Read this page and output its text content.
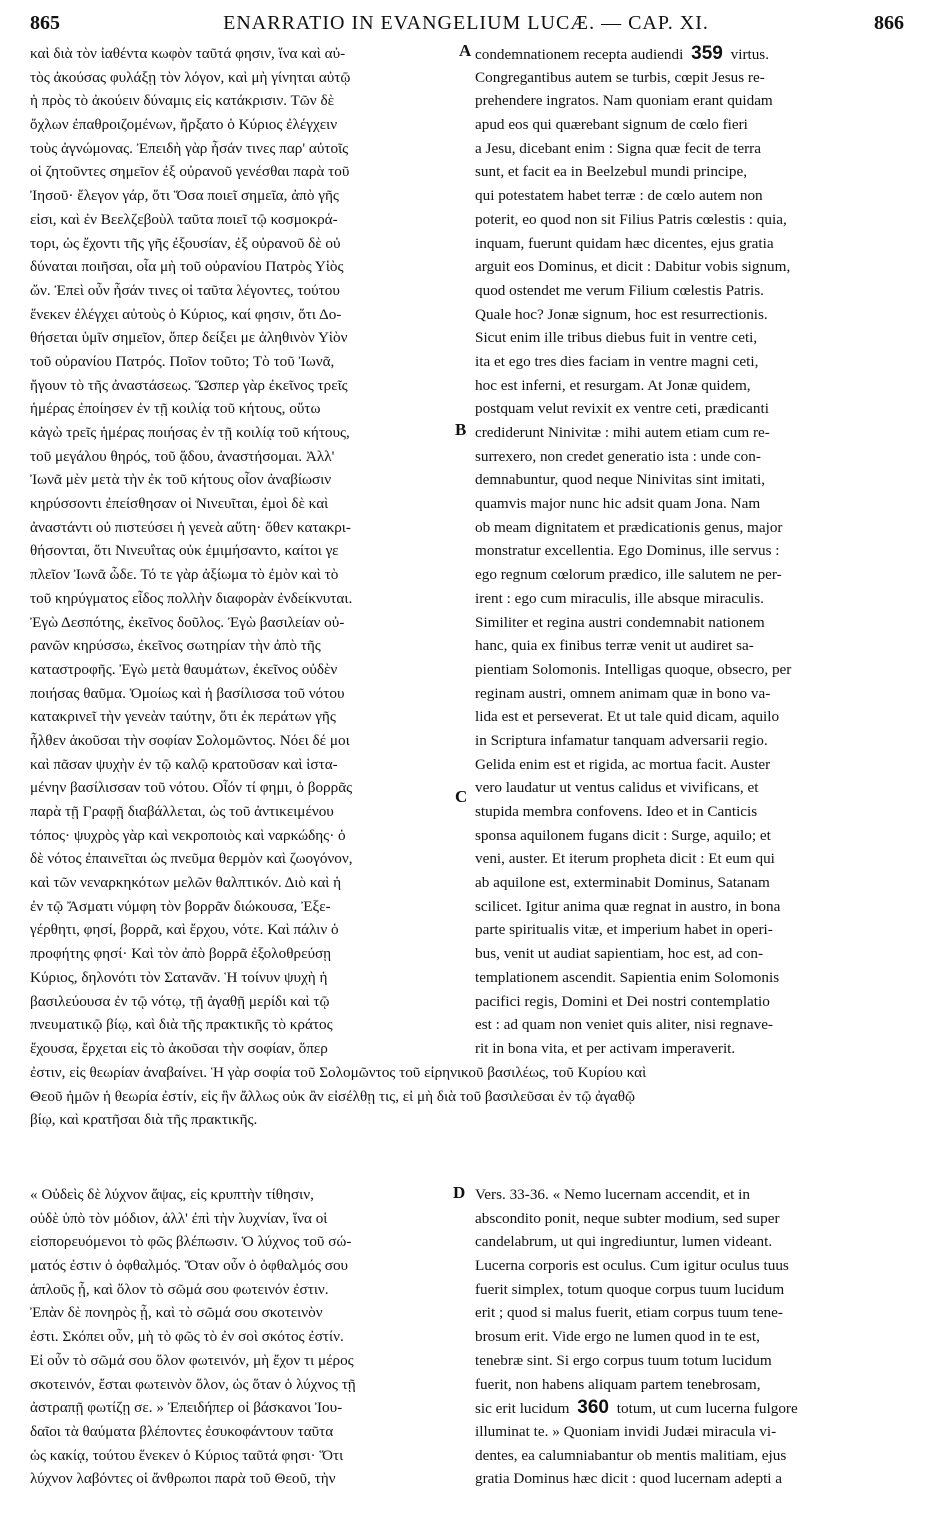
865	ENARRATIO IN EVANGELIUM LUCÆ. — CAP. XI.	866
A
B
C
D
καὶ διὰ τὸν ἰαθέντα κωφὸν ταῦτά φησιν, ἵνα καὶ αὐ-
τὸς ἀκούσας φυλάξῃ τὸν λόγον, καὶ μὴ γίνηται αὐτῷ
ἡ πρὸς τὸ ἀκούειν δύναμις εἰς κατάκρισιν. Τῶν δὲ
ὄχλων ἐπαθροιζομένων, ἤρξατο ὁ Κύριος ἐλέγχειν
τοὺς ἀγνώμονας. Ἐπειδὴ γὰρ ἦσάν τινες παρ' αὐτοῖς
οἱ ζητοῦντες σημεῖον ἐξ οὐρανοῦ γενέσθαι παρὰ τοῦ
Ἰησοῦ· ἔλεγον γάρ, ὅτι Ὅσα ποιεῖ σημεῖα, ἀπὸ γῆς
εἰσι, καὶ ἐν Βεελζεβοὺλ ταῦτα ποιεῖ τῷ κοσμοκρά-
τορι, ὡς ἔχοντι τῆς γῆς ἐξουσίαν, ἐξ οὐρανοῦ δὲ οὐ
δύναται ποιῆσαι, οἷα μὴ τοῦ οὐρανίου Πατρὸς Υἱὸς
ὤν. Ἐπεὶ οὖν ἦσάν τινες οἱ ταῦτα λέγοντες, τούτου
ἕνεκεν ἐλέγχει αὐτοὺς ὁ Κύριος, καί φησιν, ὅτι Δο-
θήσεται ὑμῖν σημεῖον, ὅπερ δείξει με ἀληθινὸν Υἱὸν
τοῦ οὐρανίου Πατρός. Ποῖον τοῦτο; Τὸ τοῦ Ἰωνᾶ,
ἤγουν τὸ τῆς ἀναστάσεως. Ὥσπερ γὰρ ἐκεῖνος τρεῖς
ἡμέρας ἐποίησεν ἐν τῇ κοιλίᾳ τοῦ κήτους, οὕτω
κἀγὼ τρεῖς ἡμέρας ποιήσας ἐν τῇ κοιλίᾳ τοῦ κήτους,
τοῦ μεγάλου θηρός, τοῦ ᾅδου, ἀναστήσομαι. Ἀλλ'
Ἰωνᾶ μὲν μετὰ τὴν ἐκ τοῦ κήτους οἷον ἀναβίωσιν
κηρύσσοντι ἐπείσθησαν οἱ Νινευῖται, ἐμοὶ δὲ καὶ
ἀναστάντι οὐ πιστεύσει ἡ γενεὰ αὕτη· ὅθεν κατακρι-
θήσονται, ὅτι Νινευΐτας οὐκ ἐμιμήσαντο, καίτοι γε
πλεῖον Ἰωνᾶ ὧδε. Τό τε γὰρ ἀξίωμα τὸ ἐμὸν καὶ τὸ
τοῦ κηρύγματος εἶδος πολλὴν διαφορὰν ἐνδείκνυται.
Ἐγὼ Δεσπότης, ἐκεῖνος δοῦλος. Ἐγὼ βασιλείαν οὐ-
ρανῶν κηρύσσω, ἐκεῖνος σωτηρίαν τὴν ἀπὸ τῆς
καταστροφῆς. Ἐγὼ μετὰ θαυμάτων, ἐκεῖνος οὐδὲν
ποιήσας θαῦμα. Ὁμοίως καὶ ἡ βασίλισσα τοῦ νότου
κατακρινεῖ τὴν γενεὰν ταύτην, ὅτι ἐκ περάτων γῆς
ἦλθεν ἀκοῦσαι τὴν σοφίαν Σολομῶντος. Νόει δέ μοι
καὶ πᾶσαν ψυχὴν ἐν τῷ καλῷ κρατοῦσαν καὶ ἱστα-
μένην βασίλισσαν τοῦ νότου. Οἷόν τί φημι, ὁ βορρᾶς
παρὰ τῇ Γραφῇ διαβάλλεται, ὡς τοῦ ἀντικειμένου
τόπος· ψυχρὸς γὰρ καὶ νεκροποιὸς καὶ ναρκώδης· ὁ
δὲ νότος ἐπαινεῖται ὡς πνεῦμα θερμὸν καὶ ζωογόνον,
καὶ τῶν νεναρκηκότων μελῶν θαλπτικόν. Διὸ καὶ ἡ
ἐν τῷ Ἄσματι νύμφη τὸν βορρᾶν διώκουσα, Ἐξε-
γέρθητι, φησί, βορρᾶ, καὶ ἔρχου, νότε. Καὶ πάλιν ὁ
προφήτης φησί· Καὶ τὸν ἀπὸ βορρᾶ ἐξολοθρεύσῃ
Κύριος, δηλονότι τὸν Σατανᾶν. Ἡ τοίνυν ψυχὴ ἡ
βασιλεύουσα ἐν τῷ νότῳ, τῇ ἀγαθῇ μερίδι καὶ τῷ
πνευματικῷ βίῳ, καὶ διὰ τῆς πρακτικῆς τὸ κράτος
ἔχουσα, ἔρχεται εἰς τὸ ἀκοῦσαι τὴν σοφίαν, ὅπερ
condemnationem recepta audiendi 359 virtus.
Congregantibus autem se turbis, cœpit Jesus re-
prehendere ingratos. Nam quoniam erant quidam
apud eos qui quærebant signum de cœlo fieri
a Jesu, dicebant enim : Signa quæ fecit de terra
sunt, et facit ea in Beelzebul mundi principe,
qui potestatem habet terræ : de cœlo autem non
poterit, eo quod non sit Filius Patris cœlestis : quia,
inquam, fuerunt quidam hæc dicentes, ejus gratia
arguit eos Dominus, et dicit : Dabitur vobis signum,
quod ostendet me verum Filium cœlestis Patris.
Quale hoc? Jonæ signum, hoc est resurrectionis.
Sicut enim ille tribus diebus fuit in ventre ceti,
ita et ego tres dies faciam in ventre magni ceti,
hoc est inferni, et resurgam. At Jonæ quidem,
postquam velut revixit ex ventre ceti, prædicanti
crediderunt Ninivitæ : mihi autem etiam cum re-
surrexero, non credet generatio ista : unde con-
demnabuntur, quod neque Ninivitas sint imitati,
quamvis major nunc hic adsit quam Jona. Nam
ob meam dignitatem et prædicationis genus, major
monstratur excellentia. Ego Dominus, ille servus :
ego regnum cœlorum prædico, ille salutem ne per-
irent : ego cum miraculis, ille absque miraculis.
Similiter et regina austri condemnabit nationem
hanc, quia ex finibus terræ venit ut audiret sa-
pientiam Solomonis. Intelligas quoque, obsecro, per
reginam austri, omnem animam quæ in bono va-
lida est et perseverat. Et ut tale quid dicam, aquilo
in Scriptura infamatur tanquam adversarii regio.
Gelida enim est et rigida, ac mortua facit. Auster
vero laudatur ut ventus calidus et vivificans, et
stupida membra confovens. Ideo et in Canticis
sponsa aquilonem fugans dicit : Surge, aquilo; et
veni, auster. Et iterum propheta dicit : Et eum qui
ab aquilone est, exterminabit Dominus, Satanam
scilicet. Igitur anima quæ regnat in austro, in bona
parte spiritualis vitæ, et imperium habet in operi-
bus, venit ut audiat sapientiam, hoc est, ad con-
templationem ascendit. Sapientia enim Solomonis
pacifici regis, Domini et Dei nostri contemplatio
est : ad quam non veniet quis aliter, nisi regnave-
rit in bona vita, et per activam imperaverit.
ἐστιν, εἰς θεωρίαν ἀναβαίνει. Ἡ γὰρ σοφία τοῦ Σολομῶντος τοῦ εἰρηνικοῦ βασιλέως, τοῦ Κυρίου καὶ
Θεοῦ ἡμῶν ἡ θεωρία ἐστίν, εἰς ἣν ἄλλως οὐκ ἂν εἰσέλθῃ τις, εἰ μὴ διὰ τοῦ βασιλεῦσαι ἐν τῷ ἀγαθῷ
βίῳ, καὶ κρατῆσαι διὰ τῆς πρακτικῆς.
« Οὐδεὶς δὲ λύχνον ἅψας, εἰς κρυπτὴν τίθησιν,
οὐδὲ ὑπὸ τὸν μόδιον, ἀλλ' ἐπὶ τὴν λυχνίαν, ἵνα οἱ
εἰσπορευόμενοι τὸ φῶς βλέπωσιν. Ὁ λύχνος τοῦ σώ-
ματός ἐστιν ὁ ὀφθαλμός. Ὅταν οὖν ὁ ὀφθαλμός σου
ἁπλοῦς ᾖ, καὶ ὅλον τὸ σῶμά σου φωτεινόν ἐστιν.
Ἐπὰν δὲ πονηρὸς ᾖ, καὶ τὸ σῶμά σου σκοτεινὸν
ἐστι. Σκόπει οὖν, μὴ τὸ φῶς τὸ ἐν σοὶ σκότος ἐστίν.
Εἰ οὖν τὸ σῶμά σου ὅλον φωτεινόν, μὴ ἔχον τι μέρος
σκοτεινόν, ἔσται φωτεινὸν ὅλον, ὡς ὅταν ὁ λύχνος τῇ
ἀστραπῇ φωτίζῃ σε. » Ἐπειδήπερ οἱ βάσκανοι Ἰου-
δαῖοι τὰ θαύματα βλέποντες ἐσυκοφάντουν ταῦτα
ὡς κακίᾳ, τούτου ἕνεκεν ὁ Κύριος ταῦτά φησι· Ὅτι
λύχνον λαβόντες οἱ ἄνθρωποι παρὰ τοῦ Θεοῦ, τὴν
Vers. 33-36. « Nemo lucernam accendit, et in
abscondito ponit, neque subter modium, sed super
candelabrum, ut qui ingrediuntur, lumen videant.
Lucerna corporis est oculus. Cum igitur oculus tuus
fuerit simplex, totum quoque corpus tuum lucidum
erit ; quod si malus fuerit, etiam corpus tuum tene-
brosum erit. Vide ergo ne lumen quod in te est,
tenebræ sint. Si ergo corpus tuum totum lucidum
fuerit, non habens aliquam partem tenebrosam,
sic erit lucidum 360 totum, ut cum lucerna fulgore
illuminat te. » Quoniam invidi Judæi miracula vi-
dentes, ea calumniabantur ob mentis malitiam, ejus
gratia Dominus hæc dicit : quod lucernam adepti a
